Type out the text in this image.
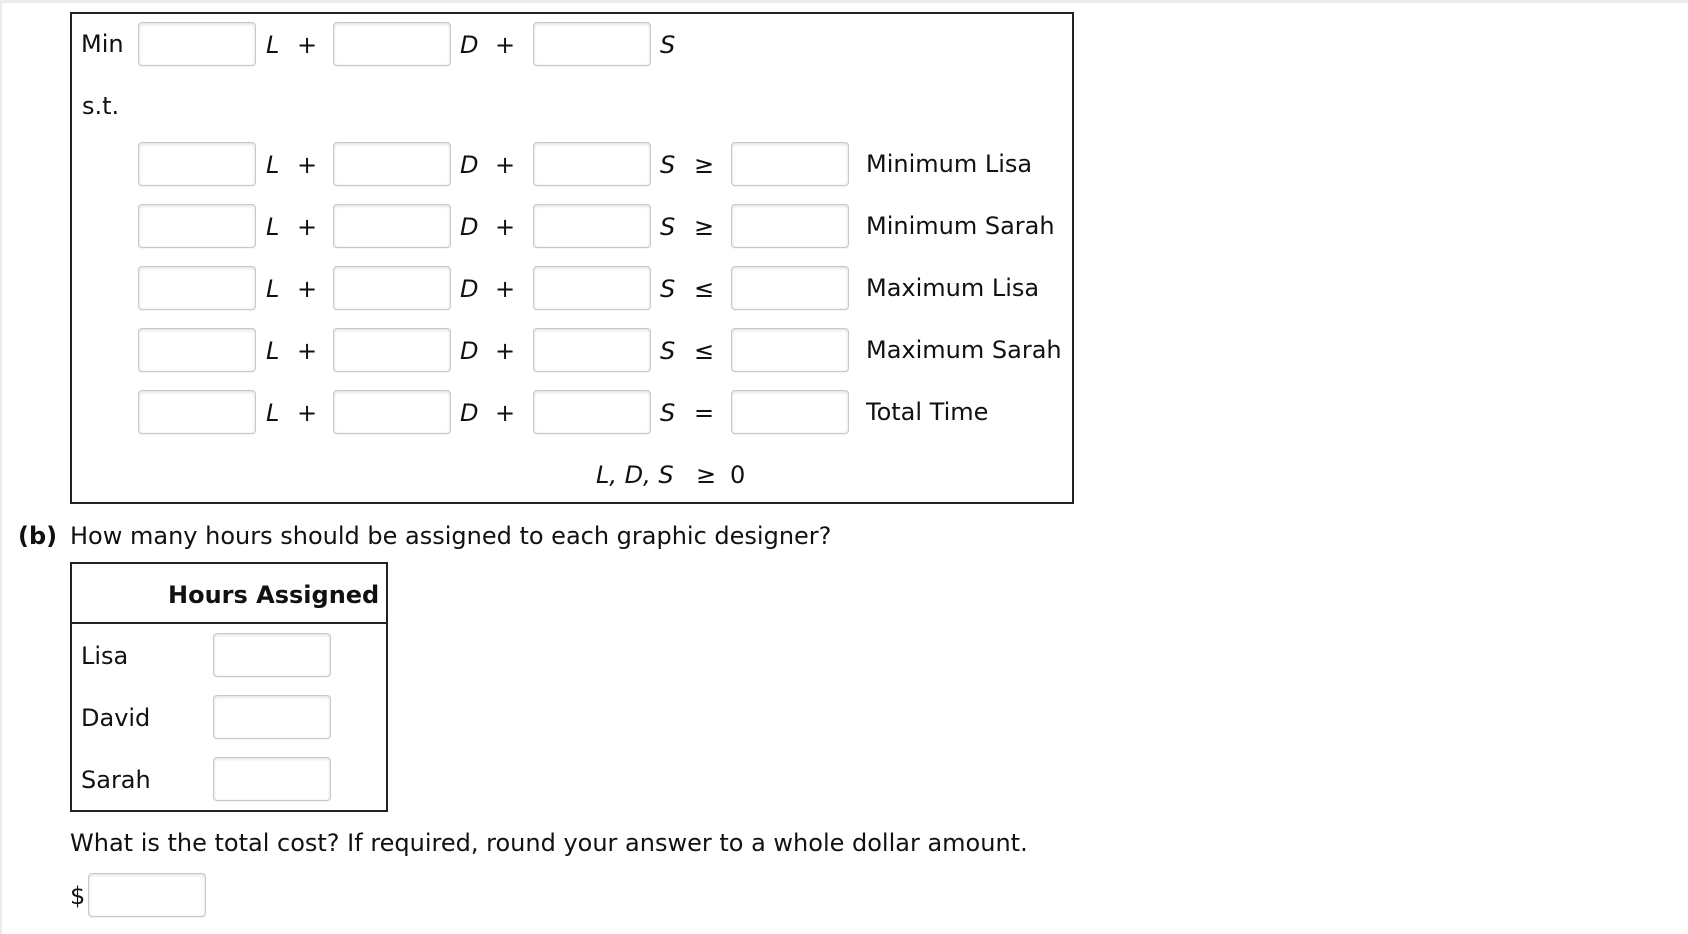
Min	L +	D +	S
s.t.
L +	D +	S ≥	Minimum Lisa
L +	D +	S ≥	Minimum Sarah
L +	D +	S ≤	Maximum Lisa
L +	D +	S ≤	Maximum Sarah
L +	D +	S =	Total Time
L, D, S ≥ 0
(b) How many hours should be assigned to each graphic designer?
Hours Assigned
Lisa
David
Sarah
What is the total cost? If required, round your answer to a whole dollar amount.
$
